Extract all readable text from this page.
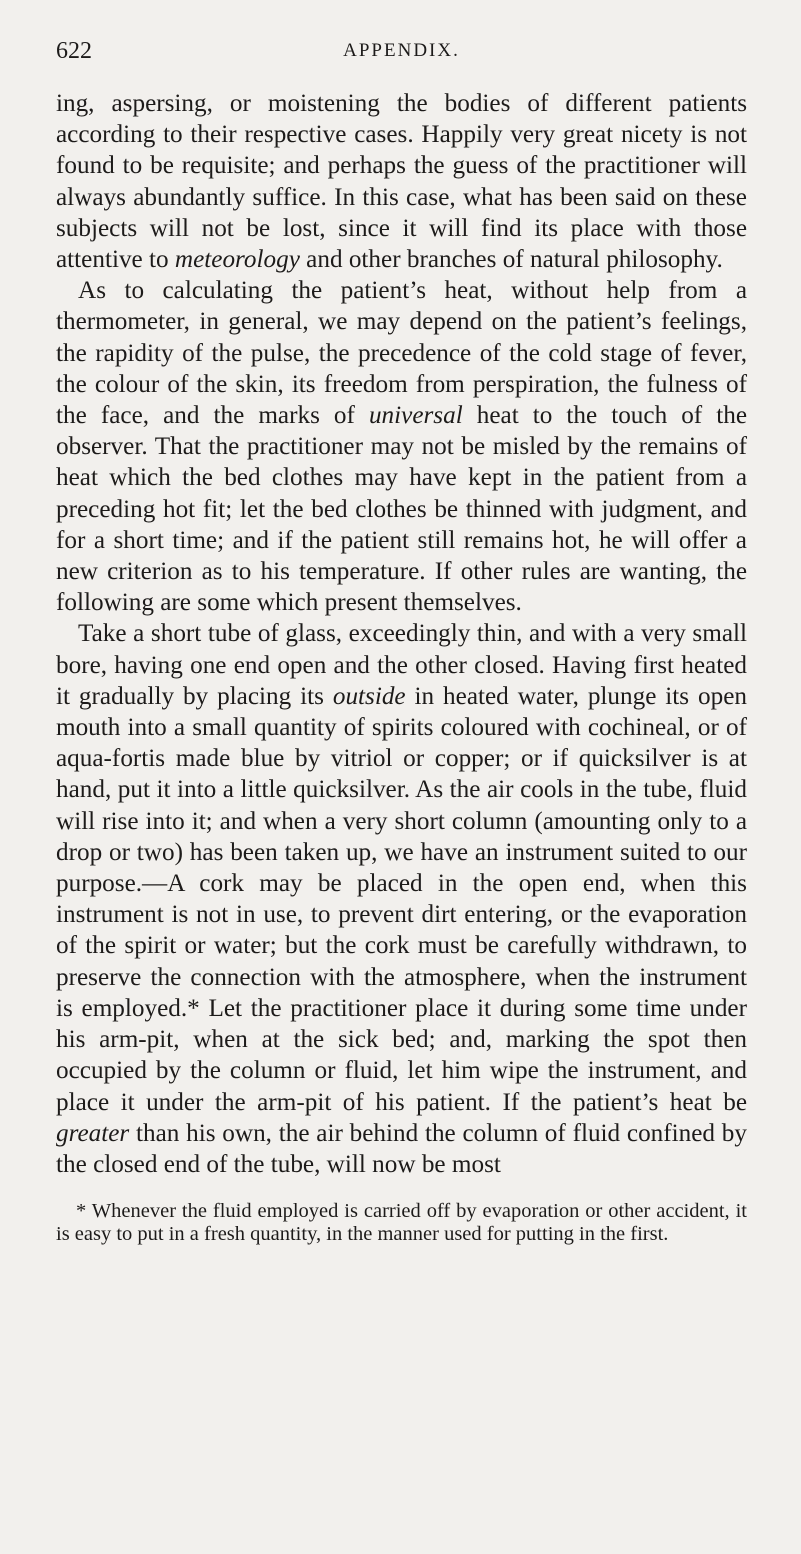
622	APPENDIX.

ing, aspersing, or moistening the bodies of different patients according to their respective cases. Happily very great nicety is not found to be requisite; and perhaps the guess of the practitioner will always abundantly suffice. In this case, what has been said on these subjects will not be lost, since it will find its place with those attentive to meteorology and other branches of natural philosophy.

As to calculating the patient’s heat, without help from a thermometer, in general, we may depend on the patient’s feelings, the rapidity of the pulse, the precedence of the cold stage of fever, the colour of the skin, its freedom from perspiration, the fulness of the face, and the marks of universal heat to the touch of the observer. That the practitioner may not be misled by the remains of heat which the bed clothes may have kept in the patient from a preceding hot fit; let the bed clothes be thinned with judgment, and for a short time; and if the patient still remains hot, he will offer a new criterion as to his temperature. If other rules are wanting, the following are some which present themselves.

Take a short tube of glass, exceedingly thin, and with a very small bore, having one end open and the other closed. Having first heated it gradually by placing its outside in heated water, plunge its open mouth into a small quantity of spirits coloured with cochineal, or of aqua-fortis made blue by vitriol or copper; or if quicksilver is at hand, put it into a little quicksilver. As the air cools in the tube, fluid will rise into it; and when a very short column (amounting only to a drop or two) has been taken up, we have an instrument suited to our purpose.—A cork may be placed in the open end, when this instrument is not in use, to prevent dirt entering, or the evaporation of the spirit or water; but the cork must be carefully withdrawn, to preserve the connection with the atmosphere, when the instrument is employed.* Let the practitioner place it during some time under his arm-pit, when at the sick bed; and, marking the spot then occupied by the column or fluid, let him wipe the instrument, and place it under the arm-pit of his patient. If the patient’s heat be greater than his own, the air behind the column of fluid confined by the closed end of the tube, will now be most

* Whenever the fluid employed is carried off by evaporation or other accident, it is easy to put in a fresh quantity, in the manner used for putting in the first.
